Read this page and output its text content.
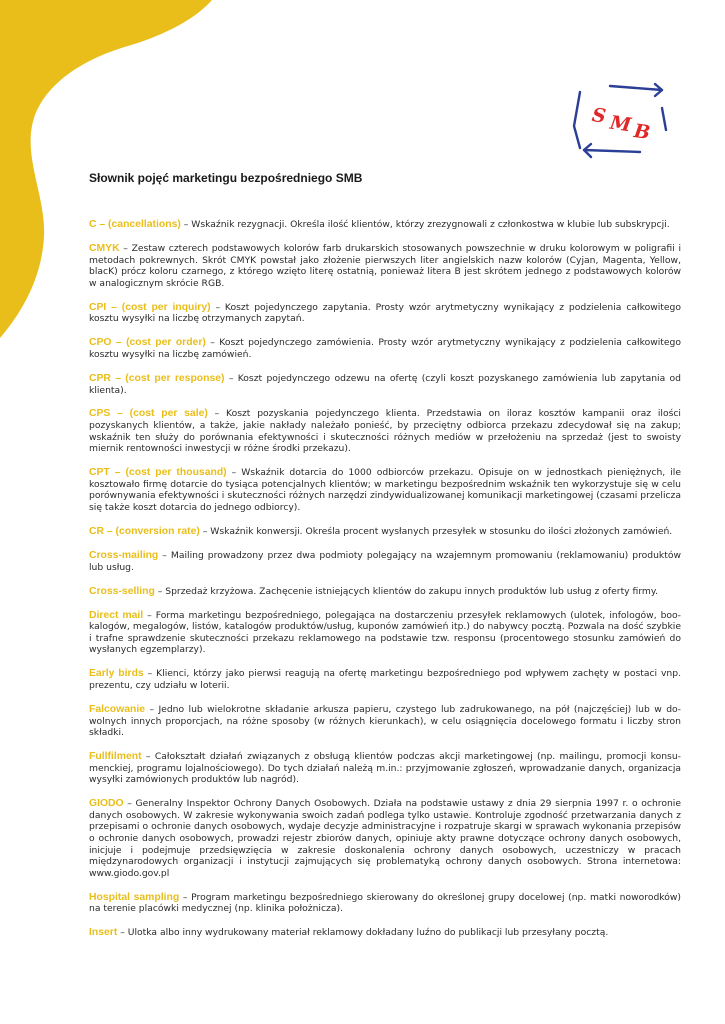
S M B
Słownik pojęć marketingu bezpośredniego SMB

C – (cancellations) – Wskaźnik rezygnacji. Określa ilość klientów, którzy zrezygnowali z członkostwa w klubie lub subskrypcji.

CMYK – Zestaw czterech podstawowych kolorów farb drukarskich stosowanych powszechnie w druku kolorowym w poligrafii i metodach pokrewnych. Skrót CMYK powstał jako złożenie pierwszych liter angielskich nazw kolorów (Cyjan, Magenta, Yellow, blacK) prócz koloru czarnego, z którego wzięto literę ostatnią, ponieważ litera B jest skrótem jednego z podstawowych kolorów w analogicznym skrócie RGB.

CPI – (cost per inquiry) – Koszt pojedynczego zapytania. Prosty wzór arytmetyczny wynikający z podzielenia całkowitego kosztu wysyłki na liczbę otrzymanych zapytań.

CPO – (cost per order) – Koszt pojedynczego zamówienia. Prosty wzór arytmetyczny wynikający z podzielenia całkowitego kosztu wysyłki na liczbę zamówień.

CPR – (cost per response) – Koszt pojedynczego odzewu na ofertę (czyli koszt pozyskanego zamówienia lub zapytania od klienta).

CPS – (cost per sale) – Koszt pozyskania pojedynczego klienta. Przedstawia on iloraz kosztów kampanii oraz ilości pozyskanych klientów, a także, jakie nakłady należało ponieść, by przeciętny odbiorca przekazu zdecydował się na zakup; wskaźnik ten służy do porównania efektywności i skuteczności różnych mediów w przełożeniu na sprzedaż (jest to swoisty miernik rentowności inwestycji w różne środki przekazu).

CPT – (cost per thousand) – Wskaźnik dotarcia do 1000 odbiorców przekazu. Opisuje on w jednostkach pieniężnych, ile kosztowało firmę dotarcie do tysiąca potencjalnych klientów; w marketingu bezpośrednim wskaźnik ten wykorzystuje się w celu porównywania efektywności i skuteczności różnych narzędzi zindywidualizowanej komunikacji marketingowej (czasami przelicza się także koszt dotarcia do jednego odbiorcy).

CR – (conversion rate) – Wskaźnik konwersji. Określa procent wysłanych przesyłek w stosunku do ilości złożonych zamówień.

Cross-mailing – Mailing prowadzony przez dwa podmioty polegający na wzajemnym promowaniu (reklamowaniu) produktów lub usług.

Cross-selling – Sprzedaż krzyżowa. Zachęcenie istniejących klientów do zakupu innych produktów lub usług z oferty firmy.

Direct mail – Forma marketingu bezpośredniego, polegająca na dostarczeniu przesyłek reklamowych (ulotek, infologów, bookalogów, megalogów, listów, katalogów produktów/usług, kuponów zamówień itp.) do nabywcy pocztą. Pozwala na dość szybkie i trafne sprawdzenie skuteczności przekazu reklamowego na podstawie tzw. responsu (procentowego stosunku zamówień do wysłanych egzemplarzy).

Early birds – Klienci, którzy jako pierwsi reagują na ofertę marketingu bezpośredniego pod wpływem zachęty w postaci vnp. prezentu, czy udziału w loterii.

Falcowanie – Jedno lub wielokrotne składanie arkusza papieru, czystego lub zadrukowanego, na pół (najczęściej) lub w dowolnych innych proporcjach, na różne sposoby (w różnych kierunkach), w celu osiągnięcia docelowego formatu i liczby stron składki.

Fullfilment – Całokształt działań związanych z obsługą klientów podczas akcji marketingowej (np. mailingu, promocji konsumenckiej, programu lojalnościowego). Do tych działań należą m.in.: przyjmowanie zgłoszeń, wprowadzanie danych, organizacja wysyłki zamówionych produktów lub nagród).

GIODO – Generalny Inspektor Ochrony Danych Osobowych. Działa na podstawie ustawy z dnia 29 sierpnia 1997 r. o ochronie danych osobowych. W zakresie wykonywania swoich zadań podlega tylko ustawie. Kontroluje zgodność przetwarzania danych z przepisami o ochronie danych osobowych, wydaje decyzje administracyjne i rozpatruje skargi w sprawach wykonania przepisów o ochronie danych osobowych, prowadzi rejestr zbiorów danych, opiniuje akty prawne dotyczące ochrony danych osobowych, inicjuje i podejmuje przedsięwzięcia w zakresie doskonalenia ochrony danych osobowych, uczestniczy w pracach międzynarodowych organizacji i instytucji zajmujących się problematyką ochrony danych osobowych. Strona internetowa: www.giodo.gov.pl

Hospital sampling – Program marketingu bezpośredniego skierowany do określonej grupy docelowej (np. matki noworodków) na terenie placówki medycznej (np. klinika położnicza).

Insert – Ulotka albo inny wydrukowany materiał reklamowy dokładany luźno do publikacji lub przesyłany pocztą.
